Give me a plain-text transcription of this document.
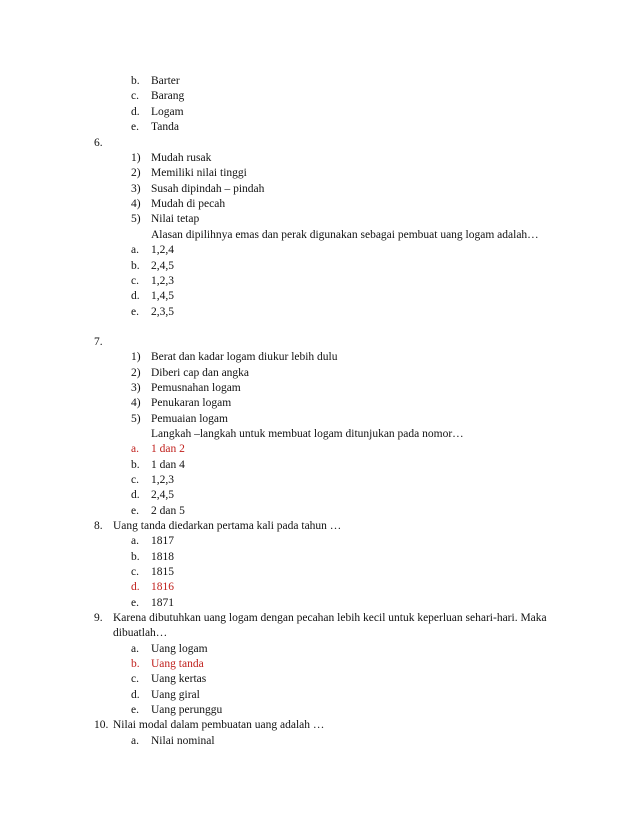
b. Barter
c. Barang
d. Logam
e. Tanda
6.
1) Mudah rusak
2) Memiliki nilai tinggi
3) Susah dipindah – pindah
4) Mudah di pecah
5) Nilai tetap
Alasan dipilihnya emas dan perak digunakan sebagai pembuat uang logam adalah…
a. 1,2,4
b. 2,4,5
c. 1,2,3
d. 1,4,5
e. 2,3,5
7.
1) Berat dan kadar logam diukur lebih dulu
2) Diberi cap dan angka
3) Pemusnahan logam
4) Penukaran logam
5) Pemuaian logam
Langkah –langkah untuk membuat logam ditunjukan pada nomor…
a. 1 dan 2
b. 1 dan 4
c. 1,2,3
d. 2,4,5
e. 2 dan 5
8. Uang tanda diedarkan pertama kali pada tahun …
a. 1817
b. 1818
c. 1815
d. 1816
e. 1871
9. Karena dibutuhkan uang logam dengan pecahan lebih kecil untuk keperluan sehari-hari. Maka
dibuatlah…
a. Uang logam
b. Uang tanda
c. Uang kertas
d. Uang giral
e. Uang perunggu
10. Nilai modal dalam pembuatan uang adalah …
a. Nilai nominal
